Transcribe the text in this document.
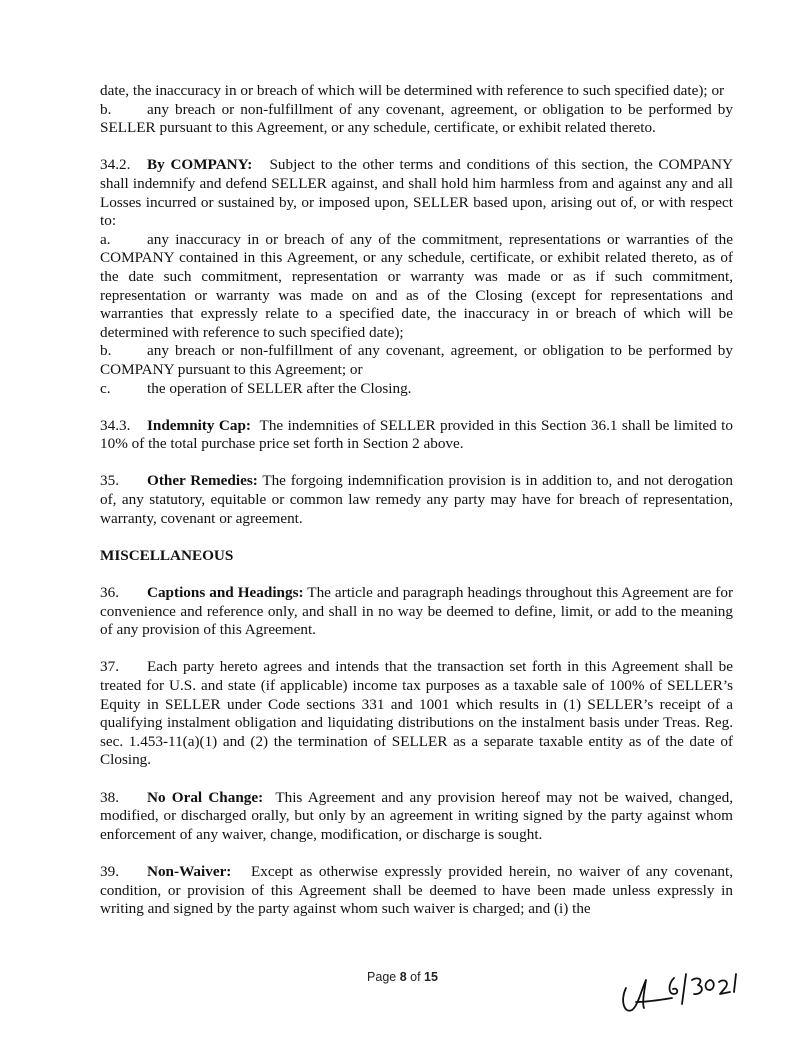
date, the inaccuracy in or breach of which will be determined with reference to such specified date); or

b. any breach or non-fulfillment of any covenant, agreement, or obligation to be performed by SELLER pursuant to this Agreement, or any schedule, certificate, or exhibit related thereto.

34.2. By COMPANY: Subject to the other terms and conditions of this section, the COMPANY shall indemnify and defend SELLER against, and shall hold him harmless from and against any and all Losses incurred or sustained by, or imposed upon, SELLER based upon, arising out of, or with respect to:

a. any inaccuracy in or breach of any of the commitment, representations or warranties of the COMPANY contained in this Agreement, or any schedule, certificate, or exhibit related thereto, as of the date such commitment, representation or warranty was made or as if such commitment, representation or warranty was made on and as of the Closing (except for representations and warranties that expressly relate to a specified date, the inaccuracy in or breach of which will be determined with reference to such specified date);

b. any breach or non-fulfillment of any covenant, agreement, or obligation to be performed by COMPANY pursuant to this Agreement; or

c. the operation of SELLER after the Closing.

34.3. Indemnity Cap: The indemnities of SELLER provided in this Section 36.1 shall be limited to 10% of the total purchase price set forth in Section 2 above.

35. Other Remedies: The forgoing indemnification provision is in addition to, and not derogation of, any statutory, equitable or common law remedy any party may have for breach of representation, warranty, covenant or agreement.

MISCELLANEOUS

36. Captions and Headings: The article and paragraph headings throughout this Agreement are for convenience and reference only, and shall in no way be deemed to define, limit, or add to the meaning of any provision of this Agreement.

37. Each party hereto agrees and intends that the transaction set forth in this Agreement shall be treated for U.S. and state (if applicable) income tax purposes as a taxable sale of 100% of SELLER’s Equity in SELLER under Code sections 331 and 1001 which results in (1) SELLER’s receipt of a qualifying instalment obligation and liquidating distributions on the instalment basis under Treas. Reg. sec. 1.453-11(a)(1) and (2) the termination of SELLER as a separate taxable entity as of the date of Closing.

38. No Oral Change: This Agreement and any provision hereof may not be waived, changed, modified, or discharged orally, but only by an agreement in writing signed by the party against whom enforcement of any waiver, change, modification, or discharge is sought.

39. Non-Waiver: Except as otherwise expressly provided herein, no waiver of any covenant, condition, or provision of this Agreement shall be deemed to have been made unless expressly in writing and signed by the party against whom such waiver is charged; and (i) the

Page 8 of 15
